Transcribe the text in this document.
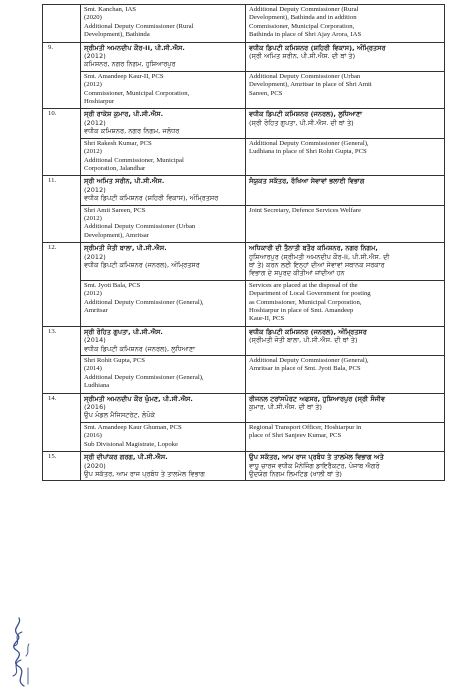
	Smt. Kanchan, IAS
(2020)
Additional Deputy Commissioner (Rural
Development), Bathinda	Additional Deputy Commissioner (Rural
Development), Bathinda and in addition
Commissioner, Municipal Corporation,
Bathinda in place of Shri Ajay Arora, IAS

9.	ਸ੍ਰੀਮਤੀ ਅਮਨਦੀਪ ਕੌਰ-II, ਪੀ.ਸੀ.ਐਸ.
(2012)
ਕਮਿਸ਼ਨਰ, ਨਗਰ ਨਿਗਮ, ਹੁਸ਼ਿਆਰਪੁਰ	ਵਧੀਕ ਡਿਪਟੀ ਕਮਿਸ਼ਨਰ (ਸ਼ਹਿਰੀ ਵਿਕਾਸ), ਅੰਮ੍ਰਿਤਸਰ
(ਸ੍ਰੀ ਅਮਿਤ ਸਰੀਨ, ਪੀ.ਸੀ.ਐਸ. ਦੀ ਥਾਂ ਤੇ)

	Smt. Amandeep Kaur-II, PCS
(2012)
Commissioner, Municipal Corporation,
Hoshiarpur	Additional Deputy Commissioner (Urban
Development), Amritsar in place of Shri Amit
Sareen, PCS

10.	ਸ੍ਰੀ ਰਾਕੇਸ਼ ਕੁਮਾਰ, ਪੀ.ਸੀ.ਐਸ.
(2012)
ਵਧੀਕ ਕਮਿਸ਼ਨਰ, ਨਗਰ ਨਿਗਮ, ਜਲੰਧਰ	ਵਧੀਕ ਡਿਪਟੀ ਕਮਿਸ਼ਨਰ (ਜਨਰਲ), ਲੁਧਿਆਣਾ
(ਸ੍ਰੀ ਰੋਹਿਤ ਗੁਪਤਾ, ਪੀ.ਸੀ.ਐਸ. ਦੀ ਥਾਂ ਤੇ)

	Shri Rakesh Kumar, PCS
(2012)
Additional Commissioner, Municipal
Corporation, Jalandhar	Additional Deputy Commissioner (General),
Ludhiana in place of Shri Rohit Gupta, PCS

11.	ਸ੍ਰੀ ਅਮਿਤ ਸਰੀਨ, ਪੀ.ਸੀ.ਐਸ.
(2012)
ਵਧੀਕ ਡਿਪਟੀ ਕਮਿਸ਼ਨਰ (ਸ਼ਹਿਰੀ ਵਿਕਾਸ), ਅੰਮ੍ਰਿਤਸਰ	ਸੰਯੁਕਤ ਸਕੱਤਰ, ਰੱਖਿਆ ਸੇਵਾਵਾਂ ਭਲਾਈ ਵਿਭਾਗ

	Shri Amit Sareen, PCS
(2012)
Additional Deputy Commissioner (Urban
Development), Amritsar	Joint Secretary, Defence Services Welfare

12.	ਸ੍ਰੀਮਤੀ ਜੋਤੀ ਬਾਲਾ, ਪੀ.ਸੀ.ਐਸ.
(2012)
ਵਧੀਕ ਡਿਪਟੀ ਕਮਿਸ਼ਨਰ (ਜਨਰਲ), ਅੰਮ੍ਰਿਤਸਰ	ਅਧਿਕਾਰੀ ਦੀ ਤੈਨਾਤੀ ਬਤੌਰ ਕਮਿਸ਼ਨਰ, ਨਗਰ ਨਿਗਮ,
ਹੁਸ਼ਿਆਰਪੁਰ (ਸ੍ਰੀਮਤੀ ਅਮਨਦੀਪ ਕੌਰ-II, ਪੀ.ਸੀ.ਐਸ. ਦੀ
ਥਾਂ ਤੇ) ਕਰਨ ਲਈ ਇਨ੍ਹਾਂ ਦੀਆਂ ਸੇਵਾਵਾਂ ਸਥਾਨਕ ਸਰਕਾਰ
ਵਿਭਾਗ ਦੇ ਸਪੁਰਦ ਕੀਤੀਆਂ ਜਾਂਦੀਆਂ ਹਨ

	Smt. Jyoti Bala, PCS
(2012)
Additional Deputy Commissioner (General),
Amritsar	Services are placed at the disposal of the
Department of Local Government for posting
as Commissioner, Municipal Corporation,
Hoshiarpur in place of Smt. Amandeep
Kaur-II, PCS

13.	ਸ੍ਰੀ ਰੋਹਿਤ ਗੁਪਤਾ, ਪੀ.ਸੀ.ਐਸ.
(2014)
ਵਧੀਕ ਡਿਪਟੀ ਕਮਿਸ਼ਨਰ (ਜਨਰਲ), ਲੁਧਿਆਣਾ	ਵਧੀਕ ਡਿਪਟੀ ਕਮਿਸ਼ਨਰ (ਜਨਰਲ), ਅੰਮ੍ਰਿਤਸਰ
(ਸ੍ਰੀਮਤੀ ਜੋਤੀ ਬਾਲਾ, ਪੀ.ਸੀ.ਐਸ. ਦੀ ਥਾਂ ਤੇ)

	Shri Rohit Gupta, PCS
(2014)
Additional Deputy Commissioner (General),
Ludhiana	Additional Deputy Commissioner (General),
Amritsar in place of Smt. Jyoti Bala, PCS

14.	ਸ੍ਰੀਮਤੀ ਅਮਨਦੀਪ ਕੌਰ ਘੁੰਮਣ, ਪੀ.ਸੀ.ਐਸ.
(2016)
ਉਪ ਮੰਡਲ ਮੈਜਿਸਟਰੇਟ, ਲੋਪੋਕੇ	ਰੀਜਨਲ ਟਰਾਂਸਪੋਰਟ ਅਫਸਰ, ਹੁਸ਼ਿਆਰਪੁਰ (ਸ੍ਰੀ ਸੰਜੀਵ
ਕੁਮਾਰ, ਪੀ.ਸੀ.ਐਸ. ਦੀ ਥਾਂ ਤੇ)

	Smt. Amandeep Kaur Ghuman, PCS
(2016)
Sub Divisional Magistrate, Lopoke	Regional Transport Officer, Hoshiarpur in
place of Shri Sanjeev Kumar, PCS

15.	ਸ੍ਰੀ ਦੀਪਾਂਕਰ ਗਰਗ, ਪੀ.ਸੀ.ਐਸ.
(2020)
ਉਪ ਸਕੱਤਰ, ਆਮ ਰਾਜ ਪ੍ਰਬੰਧ ਤੇ ਤਾਲਮੇਲ ਵਿਭਾਗ	ਉਪ ਸਕੱਤਰ, ਆਮ ਰਾਜ ਪ੍ਰਬੰਧ ਤੇ ਤਾਲਮੇਲ ਵਿਭਾਗ ਅਤੇ
ਵਾਧੂ ਚਾਰਜ ਵਧੀਕ ਮੈਨੇਜਿੰਗ ਡਾਇਰੈਕਟਰ, ਪੰਜਾਬ ਐਗਰੋ
ਉਦਯੋਗ ਨਿਗਮ ਲਿਮਟਿਡ (ਖਾਲੀ ਥਾਂ ਤੇ)
